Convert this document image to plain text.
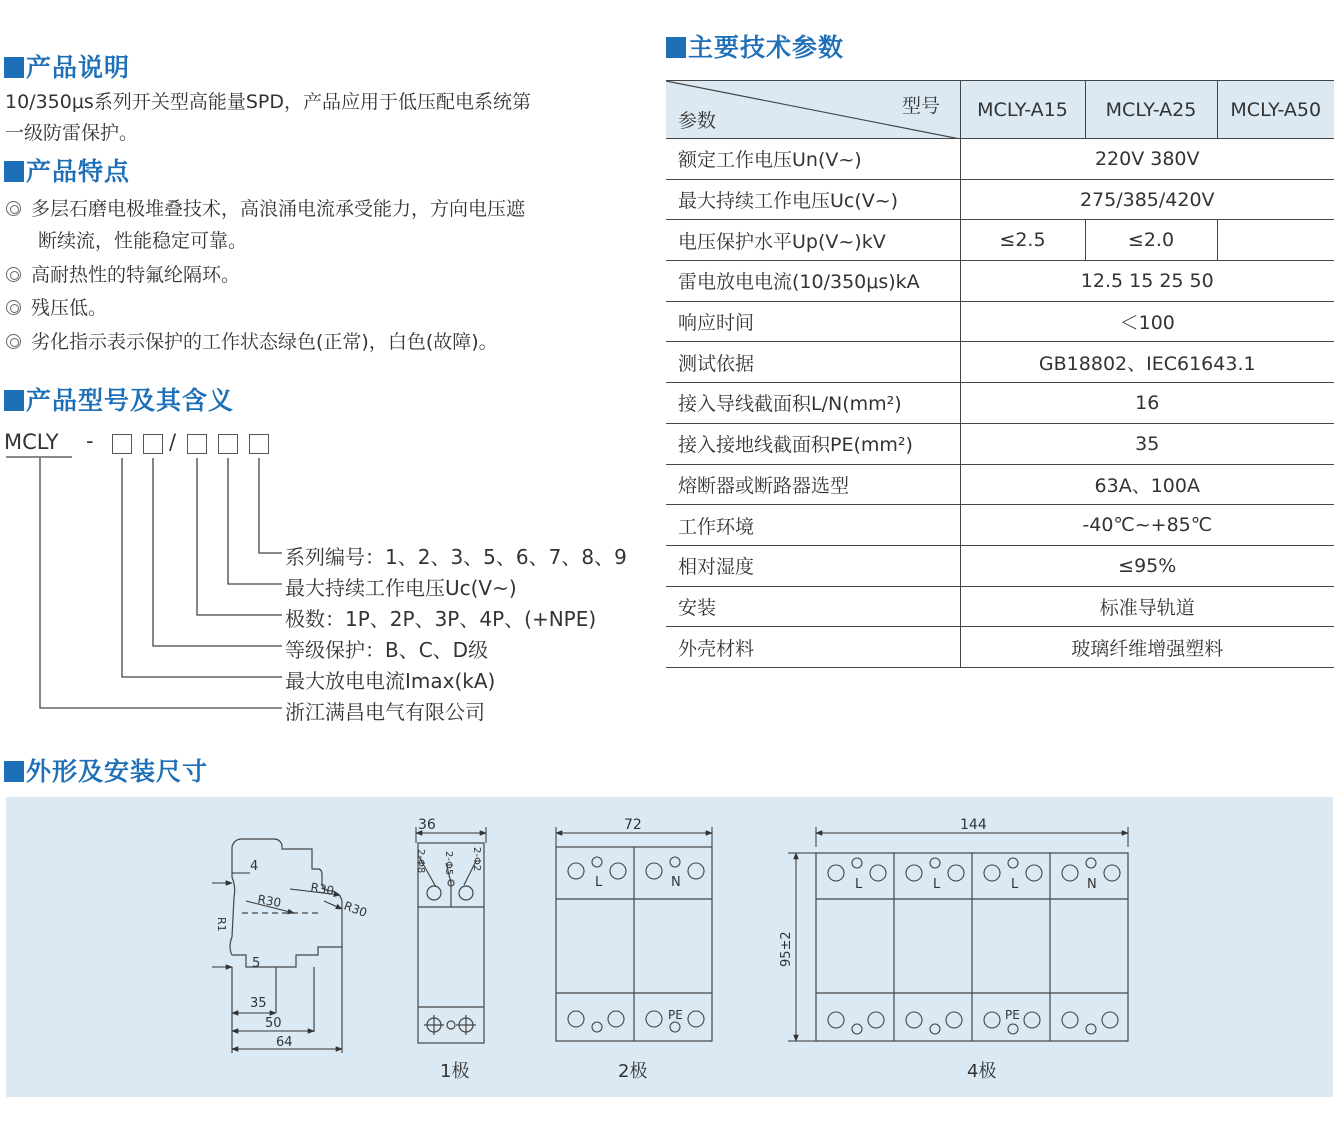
产品说明
10/350μs系列开关型高能量SPD，产品应用于低压配电系统第
一级防雷保护。
产品特点
多层石磨电极堆叠技术，高浪涌电流承受能力，方向电压遮
断续流，性能稳定可靠。
高耐热性的特氟纶隔环。
残压低。
劣化指示表示保护的工作状态绿色(正常)，白色(故障)。
产品型号及其含义
MCLY -	/
系列编号：1、2、3、5、6、7、8、9
最大持续工作电压Uc(V~)
极数：1P、2P、3P、4P、(+NPE)
等级保护：B、C、D级
最大放电电流Imax(kA)
浙江满昌电气有限公司
主要技术参数
参数
型号	MCLY-A15	MCLY-A25	MCLY-A50
额定工作电压Un(V~)	220V 380V		
最大持续工作电压Uc(V~)	275/385/420V		
电压保护水平Up(V~)kV	≤2.5	≤2.0	
雷电放电电流(10/350μs)kA	12.5 15 25 50		
响应时间	＜100		
测试依据	GB18802、IEC61643.1		
接入导线截面积L/N(mm²)	16		
接入接地线截面积PE(mm²)	35		
熔断器或断路器选型	63A、100A		
工作环境	-40℃~+85℃		
相对湿度	≤95%		
安装	标准导轨道		
外壳材料	玻璃纤维增强塑料		
外形及安装尺寸
4
R1
R30
R30
R30
5
35
50
64
36
2-Φ8 2-Φ5 2-Φ2
72
L	N
PE
144
95±2
L	L	L	N
PE
1极	2极	4极
